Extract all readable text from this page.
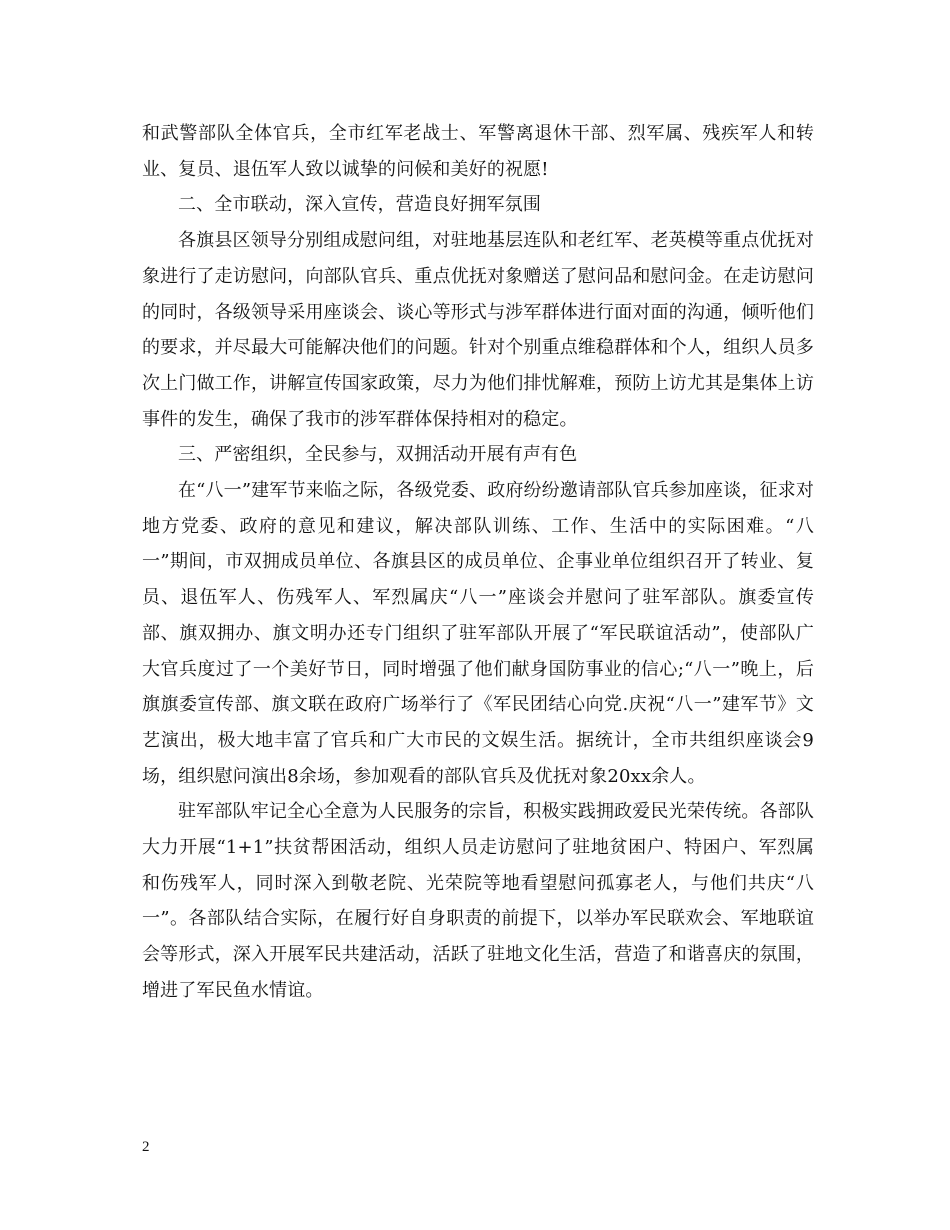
和武警部队全体官兵，全市红军老战士、军警离退休干部、烈军属、残疾军人和转业、复员、退伍军人致以诚挚的问候和美好的祝愿!

二、全市联动，深入宣传，营造良好拥军氛围

各旗县区领导分别组成慰问组，对驻地基层连队和老红军、老英模等重点优抚对象进行了走访慰问，向部队官兵、重点优抚对象赠送了慰问品和慰问金。在走访慰问的同时，各级领导采用座谈会、谈心等形式与涉军群体进行面对面的沟通，倾听他们的要求，并尽最大可能解决他们的问题。针对个别重点维稳群体和个人，组织人员多次上门做工作，讲解宣传国家政策，尽力为他们排忧解难，预防上访尤其是集体上访事件的发生，确保了我市的涉军群体保持相对的稳定。

三、严密组织，全民参与，双拥活动开展有声有色

在“八一”建军节来临之际，各级党委、政府纷纷邀请部队官兵参加座谈，征求对地方党委、政府的意见和建议，解决部队训练、工作、生活中的实际困难。“八一”期间，市双拥成员单位、各旗县区的成员单位、企事业单位组织召开了转业、复员、退伍军人、伤残军人、军烈属庆“八一”座谈会并慰问了驻军部队。旗委宣传部、旗双拥办、旗文明办还专门组织了驻军部队开展了“军民联谊活动”，使部队广大官兵度过了一个美好节日，同时增强了他们献身国防事业的信心;“八一”晚上，后旗旗委宣传部、旗文联在政府广场举行了《军民团结心向党.庆祝“八一”建军节》文艺演出，极大地丰富了官兵和广大市民的文娱生活。据统计，全市共组织座谈会9场，组织慰问演出8余场，参加观看的部队官兵及优抚对象20xx余人。

驻军部队牢记全心全意为人民服务的宗旨，积极实践拥政爱民光荣传统。各部队大力开展“1+1”扶贫帮困活动，组织人员走访慰问了驻地贫困户、特困户、军烈属和伤残军人，同时深入到敬老院、光荣院等地看望慰问孤寡老人，与他们共庆“八一”。各部队结合实际，在履行好自身职责的前提下，以举办军民联欢会、军地联谊会等形式，深入开展军民共建活动，活跃了驻地文化生活，营造了和谐喜庆的氛围，增进了军民鱼水情谊。

2
